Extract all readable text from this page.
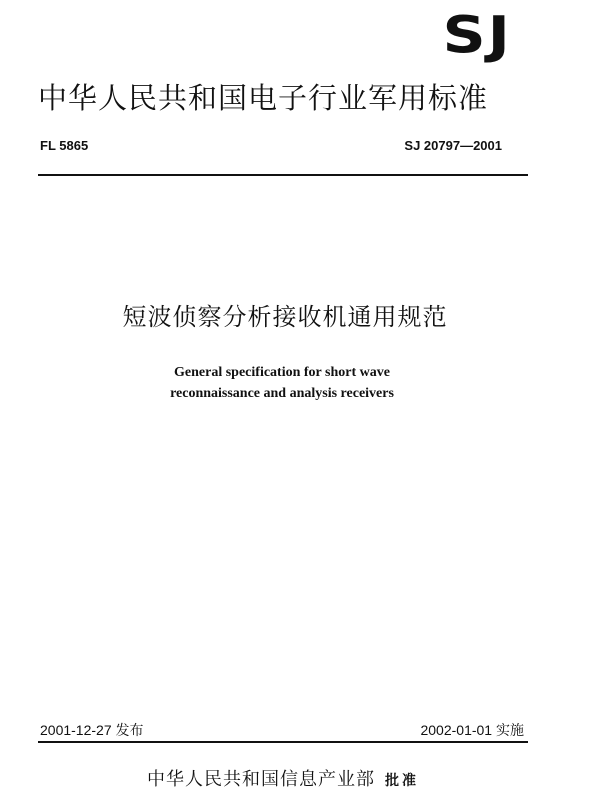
SJ
中华人民共和国电子行业军用标准
FL 5865	SJ 20797—2001
短波侦察分析接收机通用规范
General specification for short wave
reconnaissance and analysis receivers
2001-12-27 发布	2002-01-01 实施
中华人民共和国信息产业部 批准
